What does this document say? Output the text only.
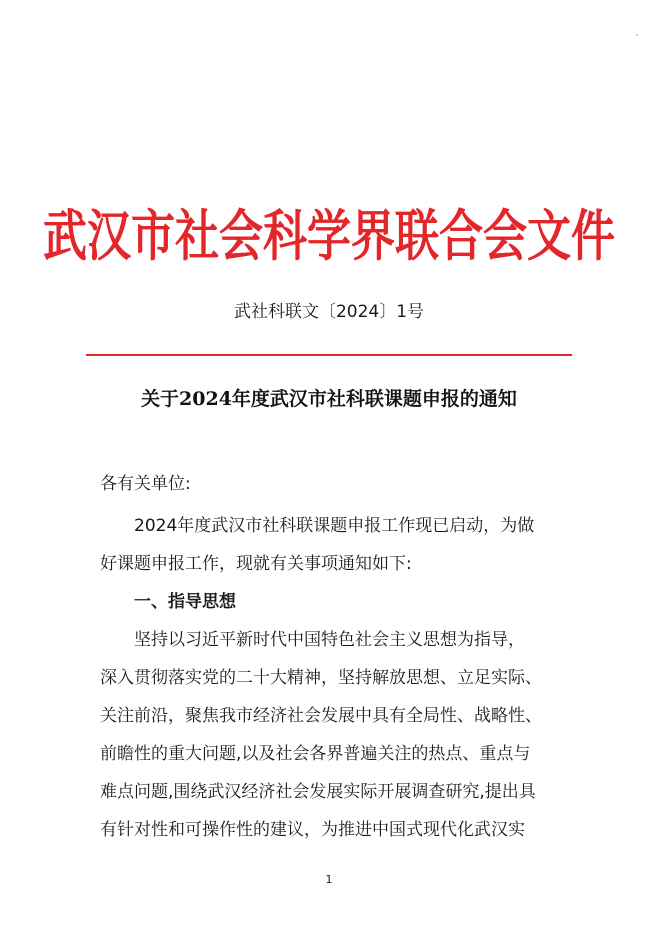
武汉市社会科学界联合会文件
武社科联文〔2024〕1号
关于2024年度武汉市社科联课题申报的通知
各有关单位:
　　2024年度武汉市社科联课题申报工作现已启动，为做
好课题申报工作，现就有关事项通知如下:
　　一、指导思想
　　坚持以习近平新时代中国特色社会主义思想为指导，
深入贯彻落实党的二十大精神，坚持解放思想、立足实际、
关注前沿，聚焦我市经济社会发展中具有全局性、战略性、
前瞻性的重大问题,以及社会各界普遍关注的热点、重点与
难点问题,围绕武汉经济社会发展实际开展调查研究,提出具
有针对性和可操作性的建议，为推进中国式现代化武汉实
1
